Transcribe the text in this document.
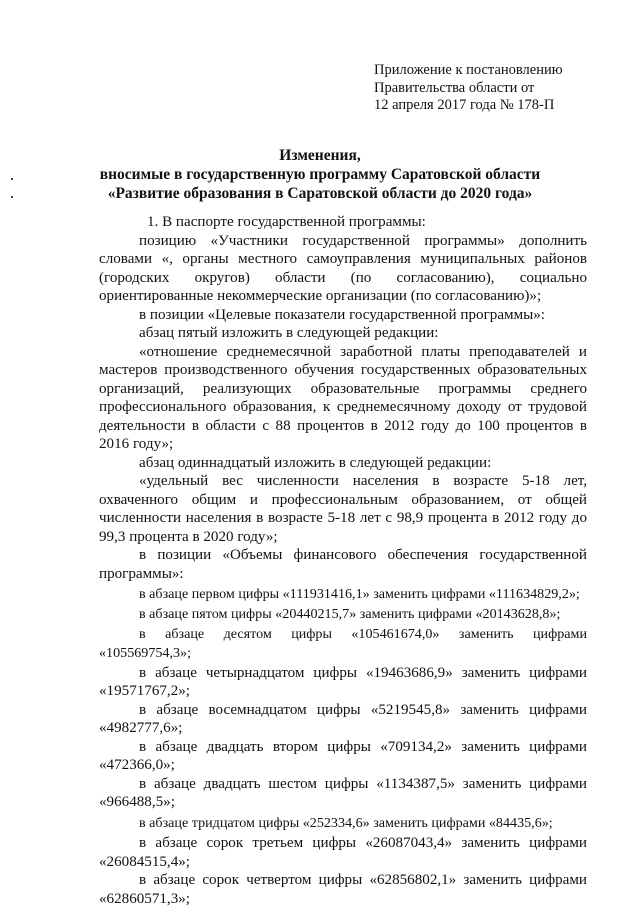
Приложение к постановлению
Правительства области от
12 апреля 2017 года № 178-П
Изменения,
вносимые в государственную программу Саратовской области
«Развитие образования в Саратовской области до 2020 года»

1. В паспорте государственной программы:

позицию «Участники государственной программы» дополнить словами «, органы местного самоуправления муниципальных районов (городских округов) области (по согласованию), социально ориентированные некоммерческие организации (по согласованию)»;

в позиции «Целевые показатели государственной программы»:

абзац пятый изложить в следующей редакции:

«отношение среднемесячной заработной платы преподавателей и мастеров производственного обучения государственных образовательных организаций, реализующих образовательные программы среднего профессионального образования, к среднемесячному доходу от трудовой деятельности в области с 88 процентов в 2012 году до 100 процентов в 2016 году»;

абзац одиннадцатый изложить в следующей редакции:

«удельный вес численности населения в возрасте 5-18 лет, охваченного общим и профессиональным образованием, от общей численности населения в возрасте 5-18 лет с 98,9 процента в 2012 году до 99,3 процента в 2020 году»;

в позиции «Объемы финансового обеспечения государственной программы»:

в абзаце первом цифры «111931416,1» заменить цифрами «111634829,2»;

в абзаце пятом цифры «20440215,7» заменить цифрами «20143628,8»;

в абзаце десятом цифры «105461674,0» заменить цифрами «105569754,3»;

в абзаце четырнадцатом цифры «19463686,9» заменить цифрами «19571767,2»;

в абзаце восемнадцатом цифры «5219545,8» заменить цифрами «4982777,6»;

в абзаце двадцать втором цифры «709134,2» заменить цифрами «472366,0»;

в абзаце двадцать шестом цифры «1134387,5» заменить цифрами «966488,5»;

в абзаце тридцатом цифры «252334,6» заменить цифрами «84435,6»;

в абзаце сорок третьем цифры «26087043,4» заменить цифрами «26084515,4»;

в абзаце сорок четвертом цифры «62856802,1» заменить цифрами «62860571,3»;
